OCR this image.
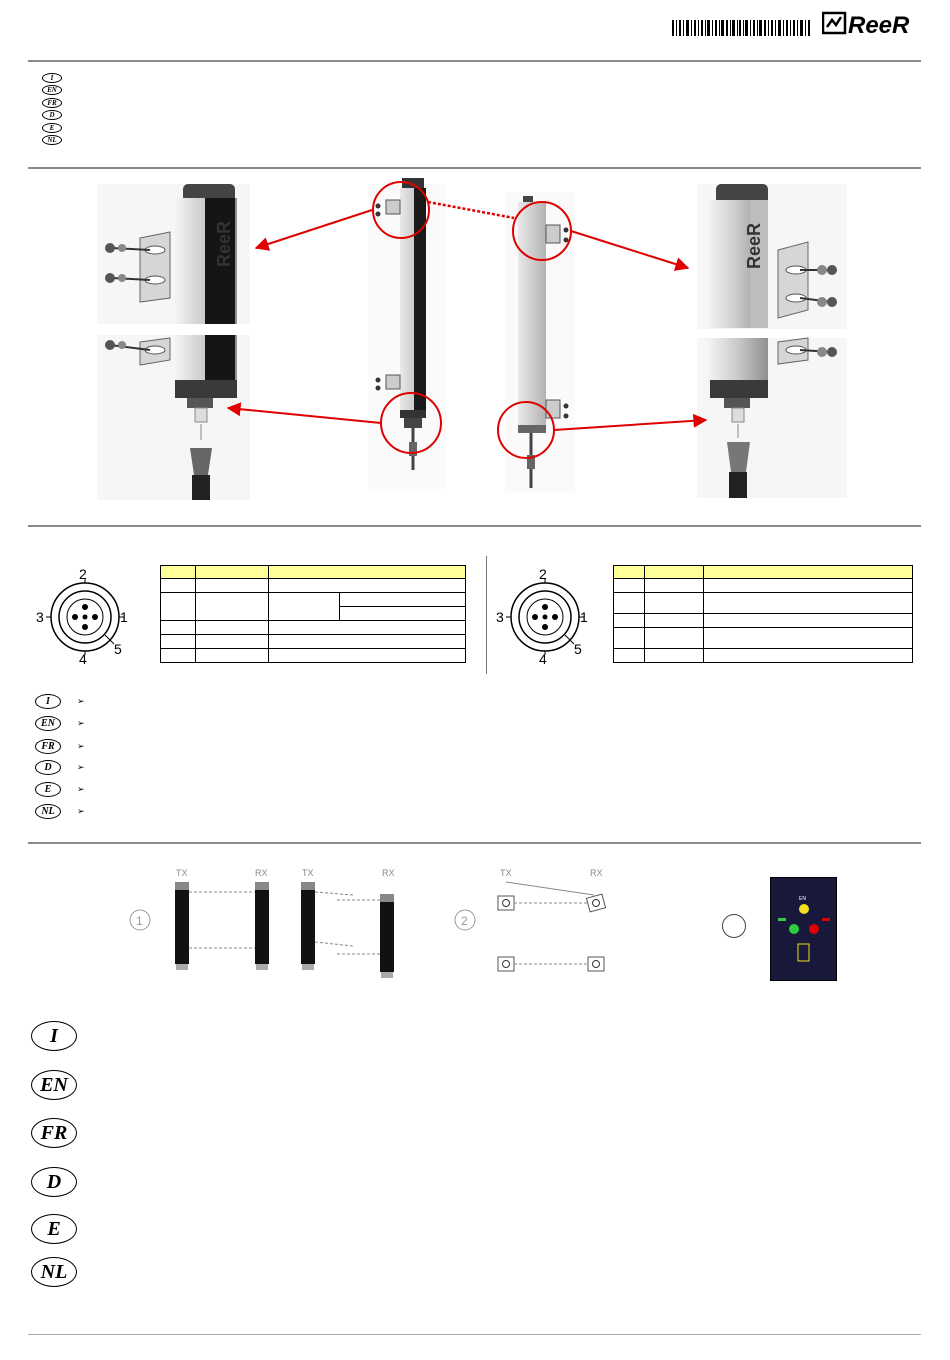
ReeR
I
EN
FR
D
E
NL
ReeR	ReeR
2
3	1
4
5

2
3	1
4
5

I
EN
FR
D
E
NL
➢
➢
➢
➢
➢
➢
1
TX	RX	TX	RX
2
TX	RX
EN
I
EN
FR
D
E
NL
